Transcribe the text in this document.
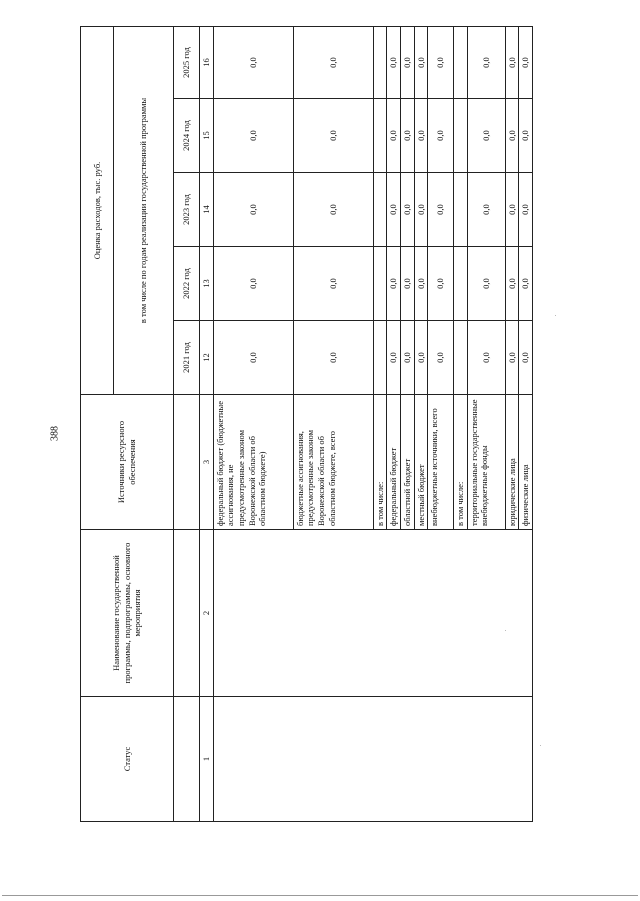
388
Статус	Наименование государственной программы, подпрограммы, основного мероприятия	Источники ресурсного обеспечения	Оценка расходов, тыс. руб.				
			в том числе по годам реализации государственной программы				
			2021 год	2022 год	2023 год	2024 год	2025 год
1	2	3	12	13	14	15	16
		федеральный бюджет (бюджетные ассигнования, не предусмотренные законом Воронежской области об областном бюджете)	0,0	0,0	0,0	0,0	0,0
		бюджетные ассигнования, предусмотренные законом Воронежской области об областном бюджете, всего	0,0	0,0	0,0	0,0	0,0
		в том числе:					
		федеральный бюджет	0,0	0,0	0,0	0,0	0,0
		областной бюджет	0,0	0,0	0,0	0,0	0,0
		местный бюджет	0,0	0,0	0,0	0,0	0,0
		внебюджетные источники, всего	0,0	0,0	0,0	0,0	0,0
		в том числе:					
		территориальные государственные внебюджетные фонды	0,0	0,0	0,0	0,0	0,0
		юридические лица	0,0	0,0	0,0	0,0	0,0
		физические лица	0,0	0,0	0,0	0,0	0,0
